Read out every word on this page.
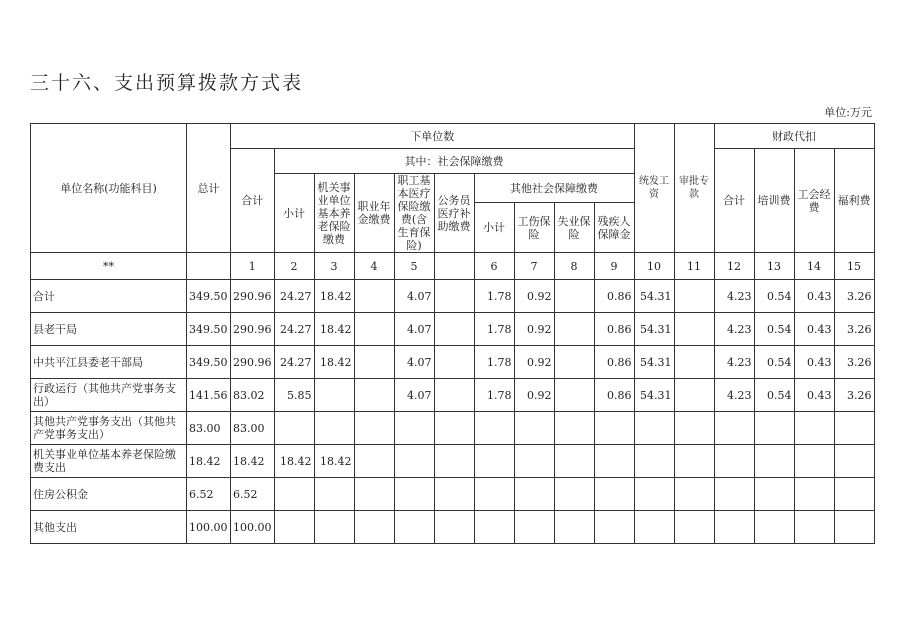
三十六、支出预算拨款方式表
单位:万元
单位名称(功能科目)	总计	下单位数										统发工资	审批专款	财政代扣			
		合计	其中：社会保障缴费											合计	培训费	工会经费	福利费
			小计	机关事业单位基本养老保险缴费	职业年金缴费	职工基本医疗保险缴费(含生育保险)	公务员医疗补助缴费	其他社会保障缴费									
								小计	工伤保险	失业保险	残疾人保障金						
**		1	2	3	4	5		6	7	8	9	10	11	12	13	14	15
合计	349.50	290.96	24.27	18.42		4.07		1.78	0.92		0.86	54.31		4.23	0.54	0.43	3.26
县老干局	349.50	290.96	24.27	18.42		4.07		1.78	0.92		0.86	54.31		4.23	0.54	0.43	3.26
中共平江县委老干部局	349.50	290.96	24.27	18.42		4.07		1.78	0.92		0.86	54.31		4.23	0.54	0.43	3.26
行政运行（其他共产党事务支出）	141.56	83.02	5.85			4.07		1.78	0.92		0.86	54.31		4.23	0.54	0.43	3.26
其他共产党事务支出（其他共产党事务支出）	83.00	83.00															
机关事业单位基本养老保险缴费支出	18.42	18.42	18.42	18.42													
住房公积金	6.52	6.52															
其他支出	100.00	100.00															
